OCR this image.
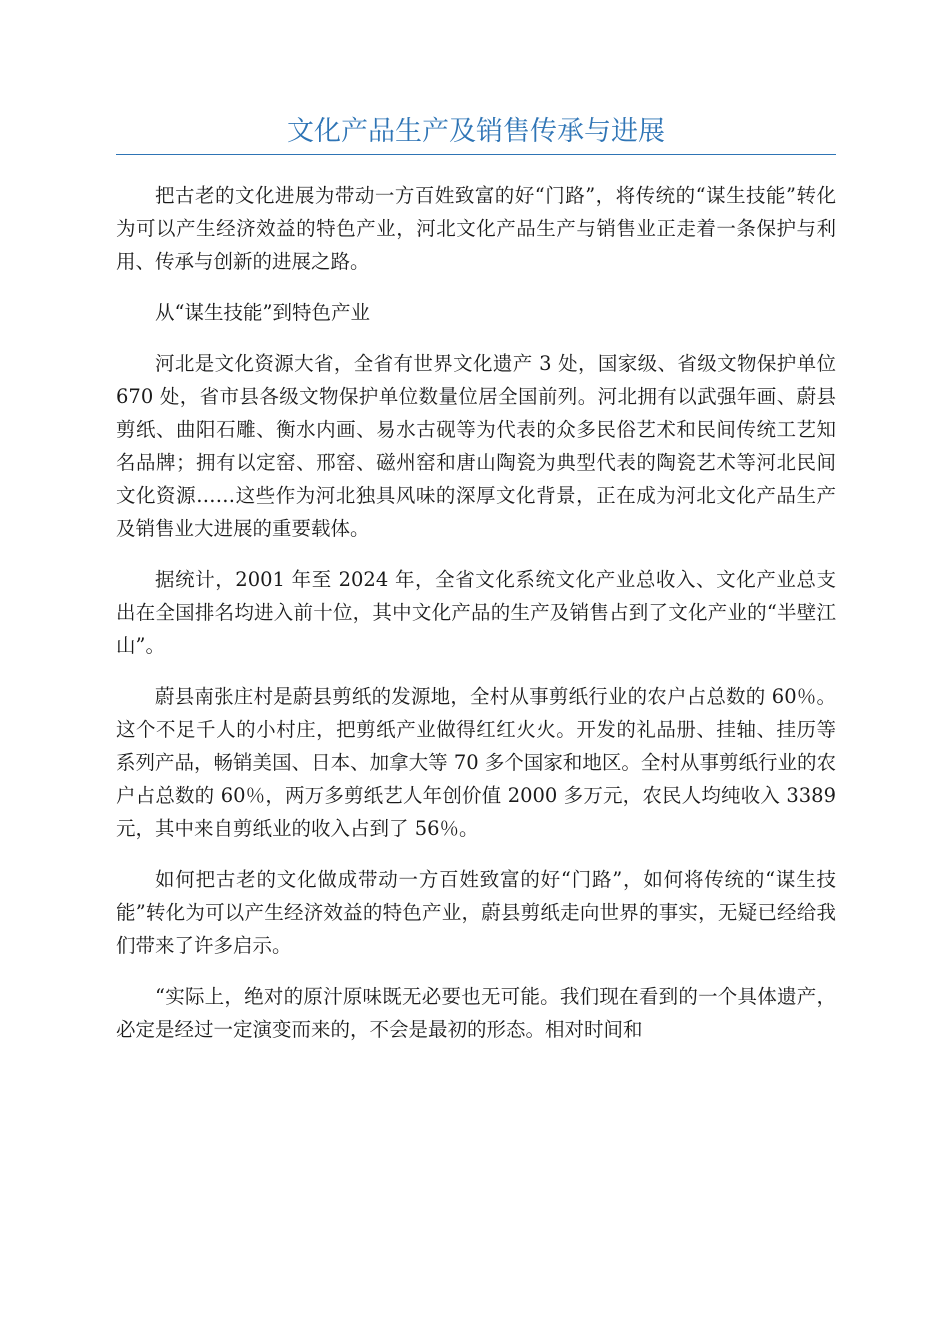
文化产品生产及销售传承与进展

把古老的文化进展为带动一方百姓致富的好“门路”，将传统的“谋生技能”转化为可以产生经济效益的特色产业，河北文化产品生产与销售业正走着一条保护与利用、传承与创新的进展之路。

从“谋生技能”到特色产业

河北是文化资源大省，全省有世界文化遗产 3 处，国家级、省级文物保护单位 670 处，省市县各级文物保护单位数量位居全国前列。河北拥有以武强年画、蔚县剪纸、曲阳石雕、衡水内画、易水古砚等为代表的众多民俗艺术和民间传统工艺知名品牌；拥有以定窑、邢窑、磁州窑和唐山陶瓷为典型代表的陶瓷艺术等河北民间文化资源……这些作为河北独具风味的深厚文化背景，正在成为河北文化产品生产及销售业大进展的重要载体。

据统计，2001 年至 2024 年，全省文化系统文化产业总收入、文化产业总支出在全国排名均进入前十位，其中文化产品的生产及销售占到了文化产业的“半壁江山”。

蔚县南张庄村是蔚县剪纸的发源地，全村从事剪纸行业的农户占总数的 60％。这个不足千人的小村庄，把剪纸产业做得红红火火。开发的礼品册、挂轴、挂历等系列产品，畅销美国、日本、加拿大等 70 多个国家和地区。全村从事剪纸行业的农户占总数的 60％，两万多剪纸艺人年创价值 2000 多万元，农民人均纯收入 3389 元，其中来自剪纸业的收入占到了 56％。

如何把古老的文化做成带动一方百姓致富的好“门路”，如何将传统的“谋生技能”转化为可以产生经济效益的特色产业，蔚县剪纸走向世界的事实，无疑已经给我们带来了许多启示。

“实际上，绝对的原汁原味既无必要也无可能。我们现在看到的一个具体遗产，必定是经过一定演变而来的，不会是最初的形态。相对时间和
